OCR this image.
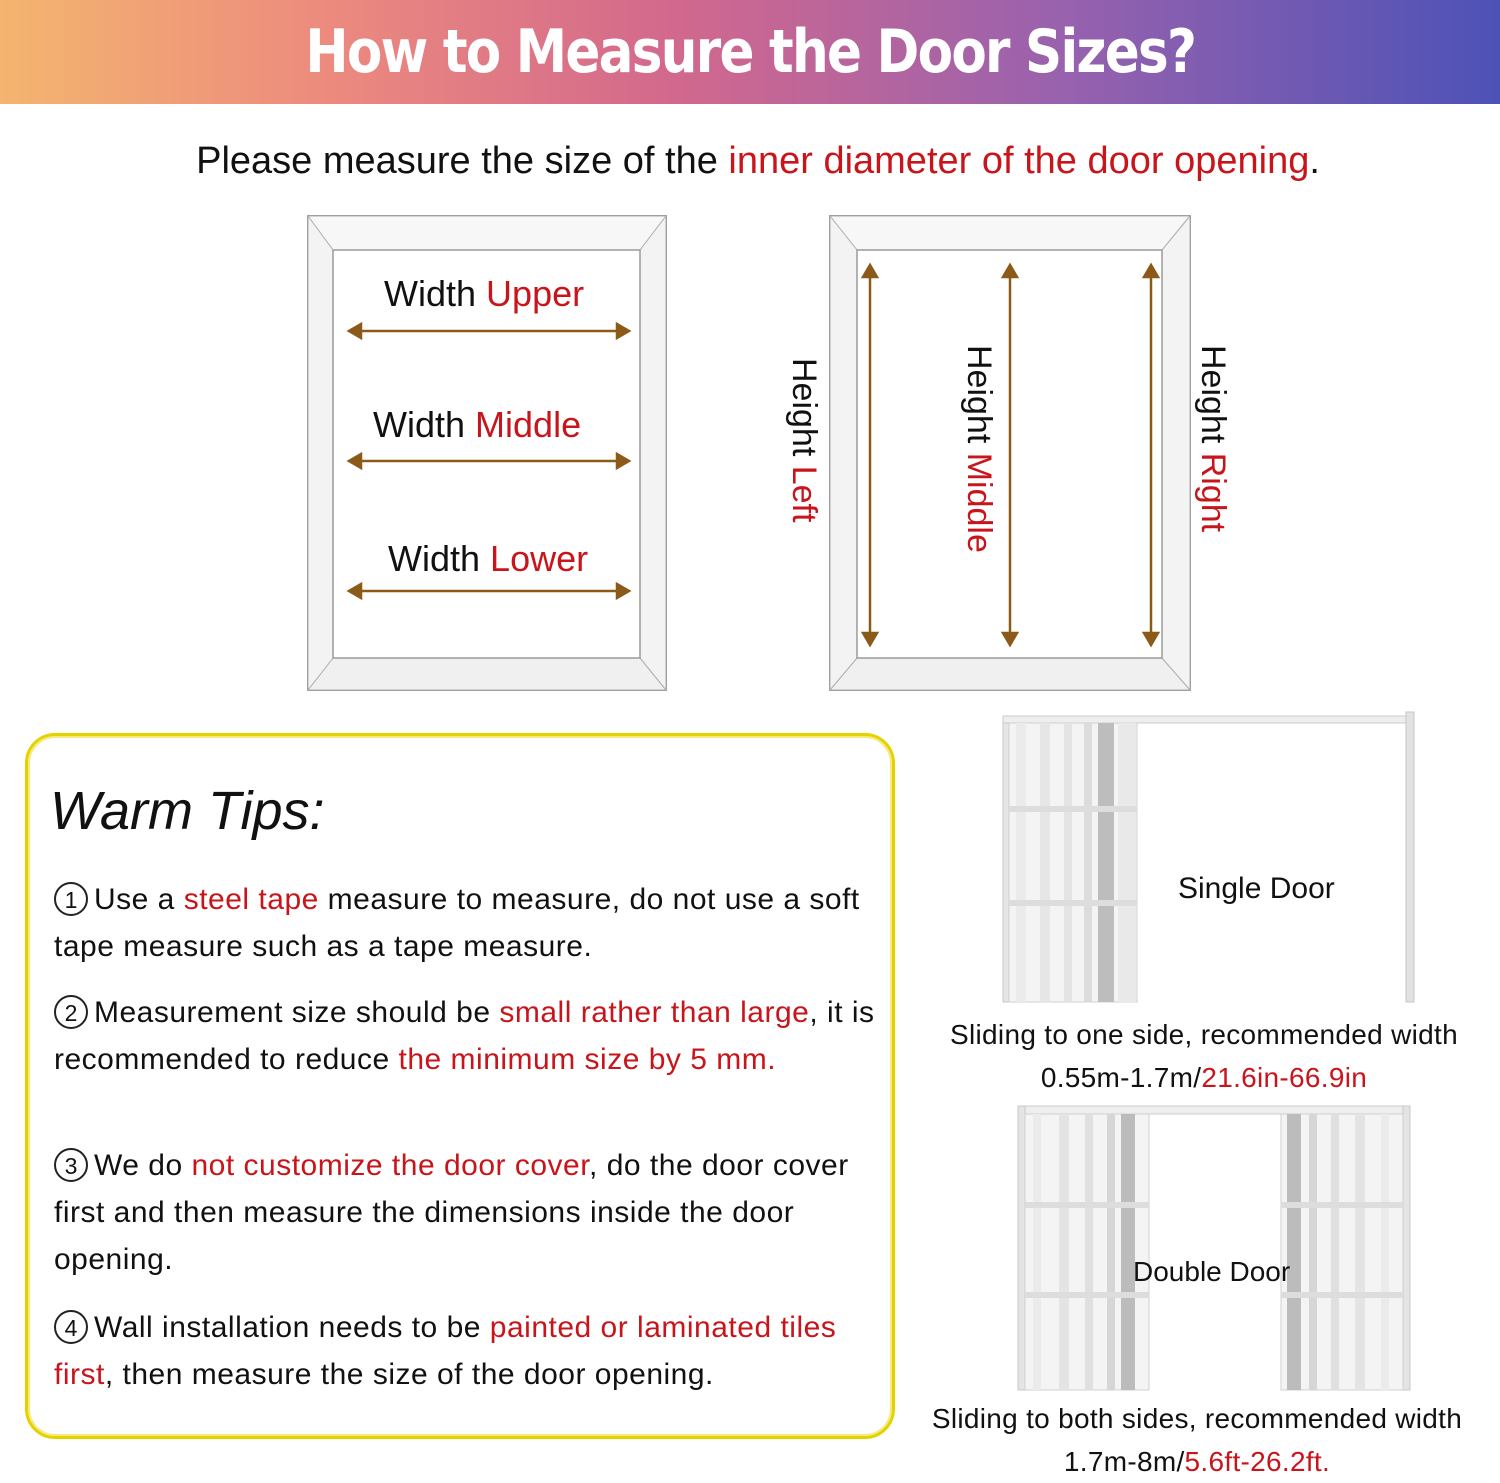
How to Measure the Door Sizes?
Please measure the size of the inner diameter of the door opening.
Width Upper
Width Middle
Width Lower
Height Left
Height Middle
Height Right
Warm Tips:
1 Use a steel tape measure to measure, do not use a soft tape measure such as a tape measure.
2 Measurement size should be small rather than large, it is recommended to reduce the minimum size by 5 mm.
3 We do not customize the door cover, do the door cover first and then measure the dimensions inside the door opening.
4 Wall installation needs to be painted or laminated tiles first, then measure the size of the door opening.
Single Door
Sliding to one side, recommended width
0.55m-1.7m/21.6in-66.9in
Double Door
Sliding to both sides, recommended width
1.7m-8m/5.6ft-26.2ft.
